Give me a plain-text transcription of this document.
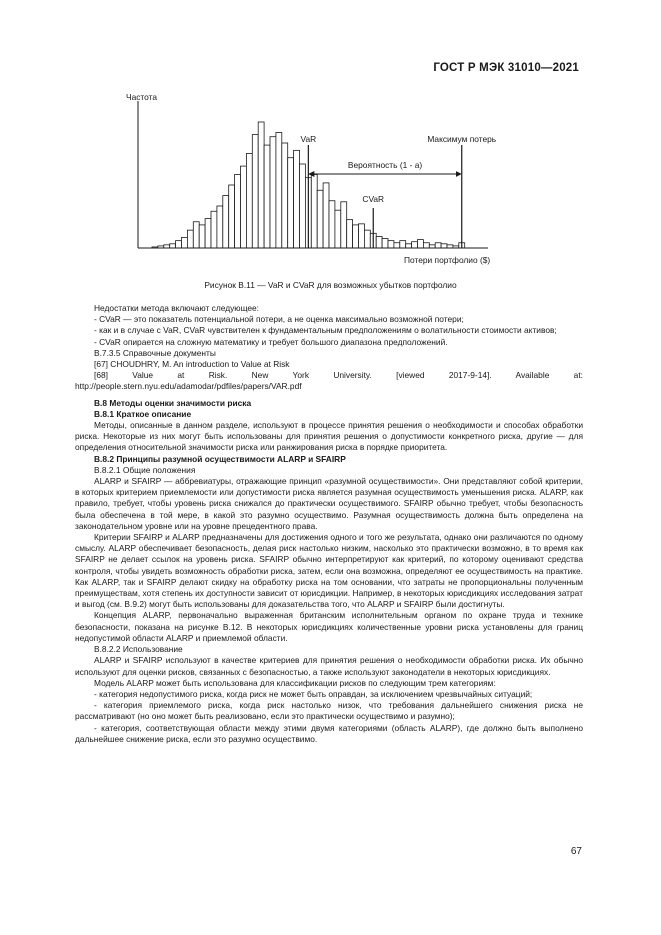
ГОСТ Р МЭК 31010—2021
Частота
Потери портфолио ($)
VaR
CVaR
Максимум потерь
Вероятность (1 - a)
Рисунок B.11 — VaR и CVaR для возможных убытков портфолио

Недостатки метода включают следующее:

- CVaR — это показатель потенциальной потери, а не оценка максимально возможной потери;

- как и в случае с VaR, CVaR чувствителен к фундаментальным предположениям о волатильности стоимости активов;

- CVaR опирается на сложную математику и требует большого диапазона предположений.

B.7.3.5 Справочные документы

[67] CHOUDHRY, M. An introduction to Value at Risk

[68] Value at Risk. New York University. [viewed 2017-9-14]. Available at: http://people.stern.nyu.edu/adamodar/pdfiles/papers/VAR.pdf

B.8 Методы оценки значимости риска

B.8.1 Краткое описание

Методы, описанные в данном разделе, используют в процессе принятия решения о необходимости и способах обработки риска. Некоторые из них могут быть использованы для принятия решения о допустимости конкретного риска, другие — для определения относительной значимости риска или ранжирования риска в порядке приоритета.

B.8.2 Принципы разумной осуществимости ALARP и SFAIRP

B.8.2.1 Общие положения

ALARP и SFAIRP — аббревиатуры, отражающие принцип «разумной осуществимости». Они представляют собой критерии, в которых критерием приемлемости или допустимости риска является разумная осуществимость уменьшения риска. ALARP, как правило, требует, чтобы уровень риска снижался до практически осуществимого. SFAIRP обычно требует, чтобы безопасность была обеспечена в той мере, в какой это разумно осуществимо. Разумная осуществимость должна быть определена на законодательном уровне или на уровне прецедентного права.

Критерии SFAIRP и ALARP предназначены для достижения одного и того же результата, однако они различаются по одному смыслу. ALARP обеспечивает безопасность, делая риск настолько низким, насколько это практически возможно, в то время как SFAIRP не делает ссылок на уровень риска. SFAIRP обычно интерпретируют как критерий, по которому оценивают средства контроля, чтобы увидеть возможность обработки риска, затем, если она возможна, определяют ее осуществимость на практике. Как ALARP, так и SFAIRP делают скидку на обработку риска на том основании, что затраты не пропорциональны полученным преимуществам, хотя степень их доступности зависит от юрисдикции. Например, в некоторых юрисдикциях исследования затрат и выгод (см. B.9.2) могут быть использованы для доказательства того, что ALARP и SFAIRP были достигнуты.

Концепция ALARP, первоначально выраженная британским исполнительным органом по охране труда и технике безопасности, показана на рисунке B.12. В некоторых юрисдикциях количественные уровни риска установлены для границ недопустимой области ALARP и приемлемой области.

B.8.2.2 Использование

ALARP и SFAIRP используют в качестве критериев для принятия решения о необходимости обработки риска. Их обычно используют для оценки рисков, связанных с безопасностью, а также используют законодатели в некоторых юрисдикциях.

Модель ALARP может быть использована для классификации рисков по следующим трем категориям:

- категория недопустимого риска, когда риск не может быть оправдан, за исключением чрезвычайных ситуаций;

- категория приемлемого риска, когда риск настолько низок, что требования дальнейшего снижения риска не рассматривают (но оно может быть реализовано, если это практически осуществимо и разумно);

- категория, соответствующая области между этими двумя категориями (область ALARP), где должно быть выполнено дальнейшее снижение риска, если это разумно осуществимо.

67
